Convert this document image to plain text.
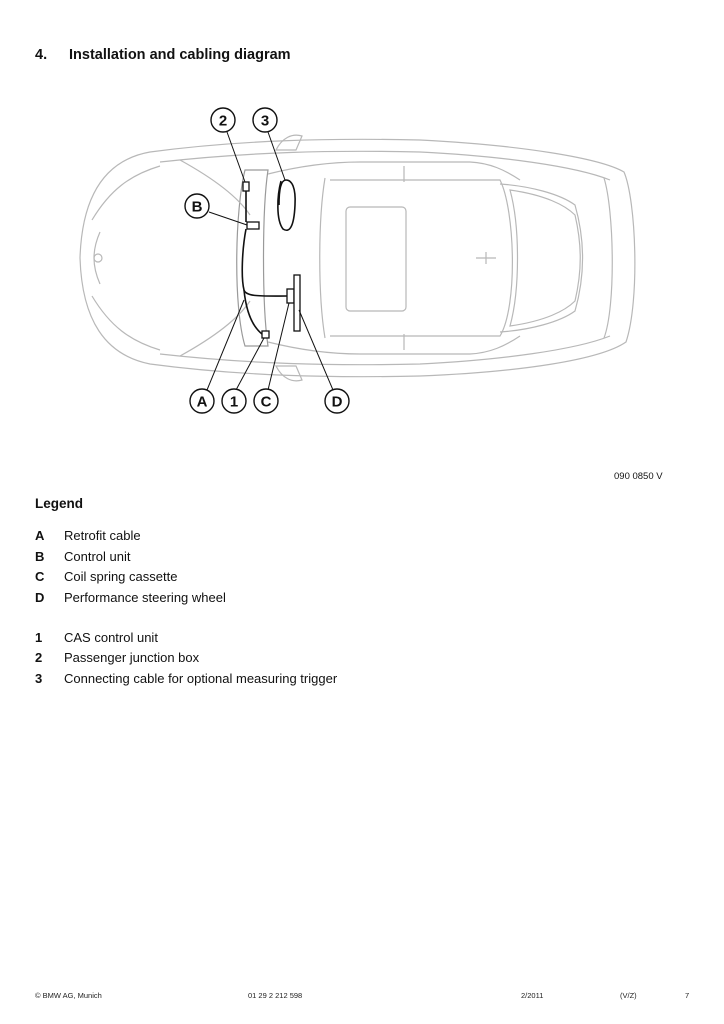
4. Installation and cabling diagram
2 3
B
A 1 C	D
090 0850 V
Legend
A	Retrofit cable
B	Control unit
C	Coil spring cassette
D	Performance steering wheel
1	CAS control unit
2	Passenger junction box
3	Connecting cable for optional measuring trigger
© BMW AG, Munich	01 29 2 212 598	2/2011	(V/Z)	7
